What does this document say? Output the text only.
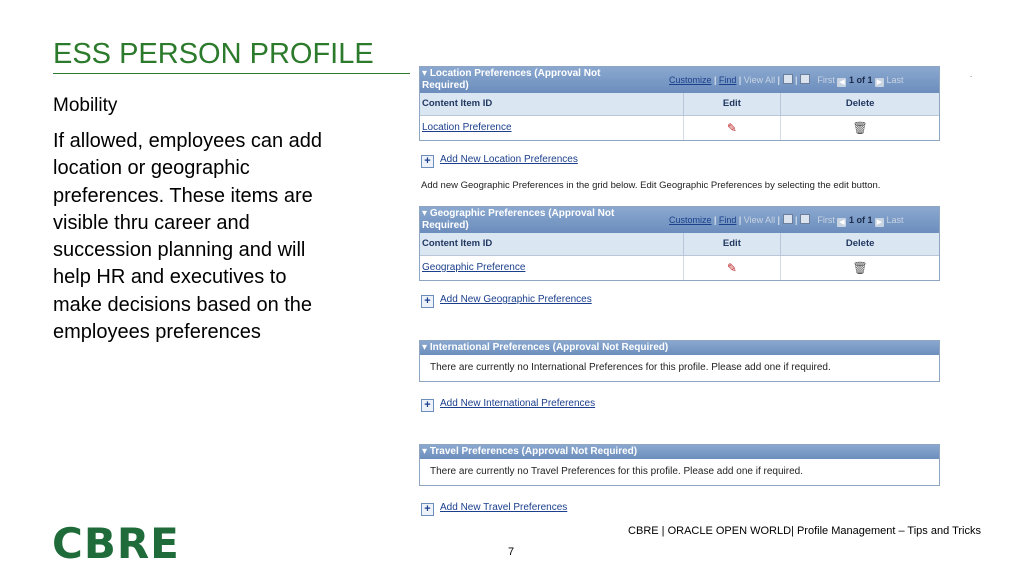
ESS PERSON PROFILE
Mobility
If allowed, employees can add location or geographic preferences. These items are visible thru career and succession planning and will help HR and executives to make decisions based on the employees preferences
.
▾ Location Preferences (Approval Not Required)	Customize | Find | View All | | First ◀ 1 of 1 ▶ Last
Content Item ID	Edit	Delete
Location Preference	✎	🗑
+ Add New Location Preferences
Add new Geographic Preferences in the grid below. Edit Geographic Preferences by selecting the edit button.
▾ Geographic Preferences (Approval Not Required)	Customize | Find | View All | | First ◀ 1 of 1 ▶ Last
Content Item ID	Edit	Delete
Geographic Preference	✎	🗑
+ Add New Geographic Preferences
▾ International Preferences (Approval Not Required)
There are currently no International Preferences for this profile. Please add one if required.
+ Add New International Preferences
▾ Travel Preferences (Approval Not Required)
There are currently no Travel Preferences for this profile. Please add one if required.
+ Add New Travel Preferences
CBRE	7
CBRE | ORACLE OPEN WORLD| Profile Management – Tips and Tricks
